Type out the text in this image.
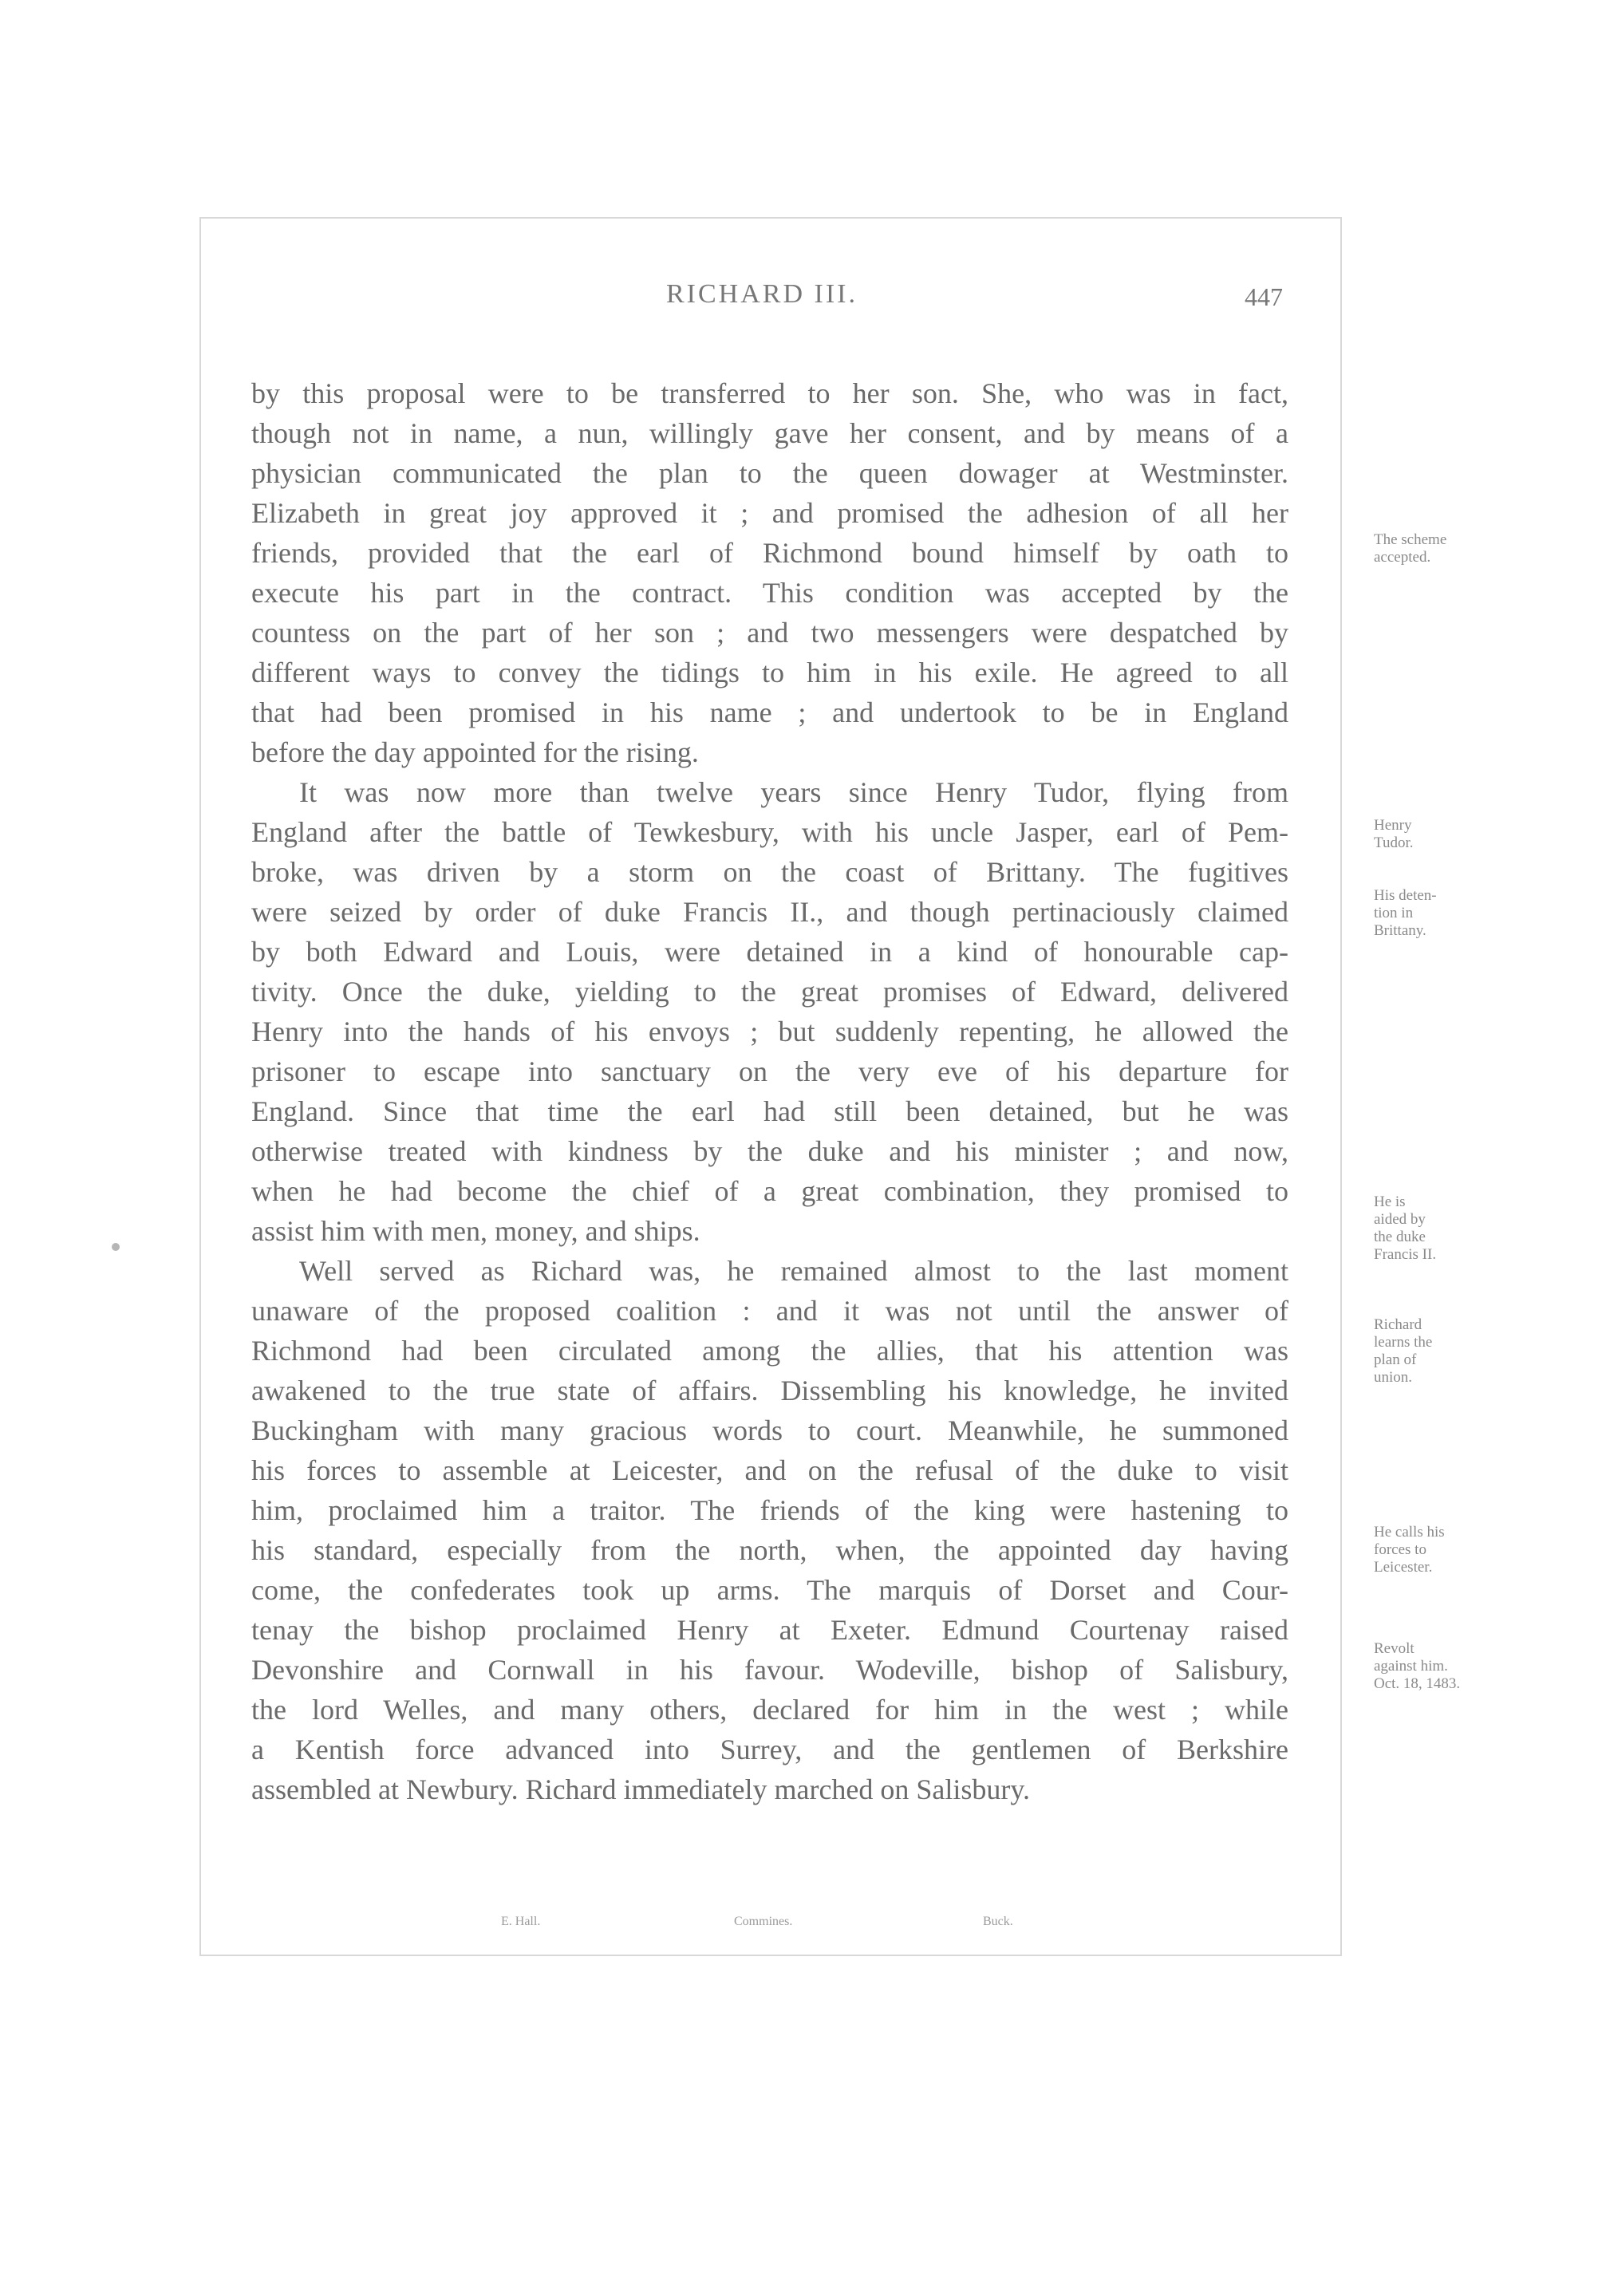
RICHARD III.	447
by this proposal were to be transferred to her son. She, who was in fact,
though not in name, a nun, willingly gave her consent, and by means of a
physician communicated the plan to the queen dowager at Westminster.
Elizabeth in great joy approved it ; and promised the adhesion of all her
friends, provided that the earl of Richmond bound himself by oath to
execute his part in the contract. This condition was accepted by the
countess on the part of her son ; and two messengers were despatched by
different ways to convey the tidings to him in his exile. He agreed to all
that had been promised in his name ; and undertook to be in England
before the day appointed for the rising.
It was now more than twelve years since Henry Tudor, flying from
England after the battle of Tewkesbury, with his uncle Jasper, earl of Pem-
broke, was driven by a storm on the coast of Brittany. The fugitives
were seized by order of duke Francis II., and though pertinaciously claimed
by both Edward and Louis, were detained in a kind of honourable cap-
tivity. Once the duke, yielding to the great promises of Edward, delivered
Henry into the hands of his envoys ; but suddenly repenting, he allowed the
prisoner to escape into sanctuary on the very eve of his departure for
England. Since that time the earl had still been detained, but he was
otherwise treated with kindness by the duke and his minister ; and now,
when he had become the chief of a great combination, they promised to
assist him with men, money, and ships.
Well served as Richard was, he remained almost to the last moment
unaware of the proposed coalition : and it was not until the answer of
Richmond had been circulated among the allies, that his attention was
awakened to the true state of affairs. Dissembling his knowledge, he invited
Buckingham with many gracious words to court. Meanwhile, he summoned
his forces to assemble at Leicester, and on the refusal of the duke to visit
him, proclaimed him a traitor. The friends of the king were hastening to
his standard, especially from the north, when, the appointed day having
come, the confederates took up arms. The marquis of Dorset and Cour-
tenay the bishop proclaimed Henry at Exeter. Edmund Courtenay raised
Devonshire and Cornwall in his favour. Wodeville, bishop of Salisbury,
the lord Welles, and many others, declared for him in the west ; while
a Kentish force advanced into Surrey, and the gentlemen of Berkshire
assembled at Newbury. Richard immediately marched on Salisbury.
The scheme
accepted.
Henry
Tudor.
His deten-
tion in
Brittany.
He is
aided by
the duke
Francis II.
Richard
learns the
plan of
union.
He calls his
forces to
Leicester.
Revolt
against him.
Oct. 18, 1483.
E. Hall.	Commines.	Buck.
